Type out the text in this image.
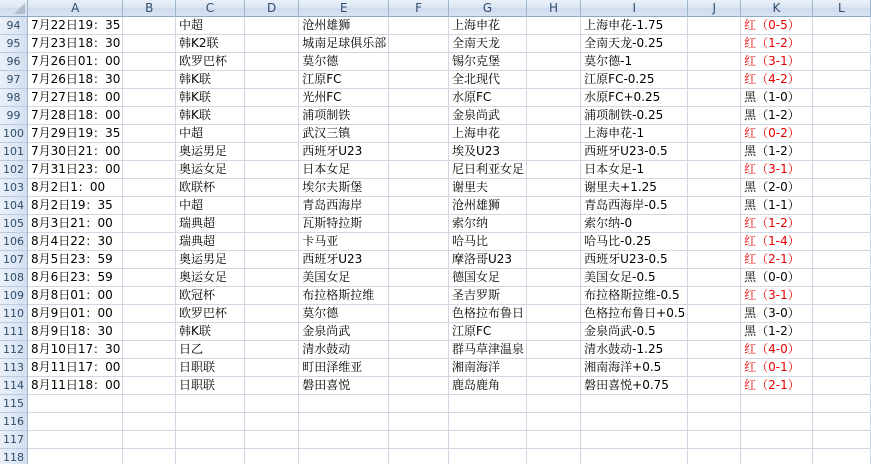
	A	B	C	D	E	F	G	H	I	J	K	L
94	7月22日19：35		中超		沧州雄狮		上海申花		上海申花-1.75		红（0-5）	
95	7月23日18：30		韩K2联		城南足球俱乐部		全南天龙		全南天龙-0.25		红（1-2）	
96	7月26日01：00		欧罗巴杯		莫尔德		锡尔克堡		莫尔德-1		红（3-1）	
97	7月26日18：30		韩K联		江原FC		全北现代		江原FC-0.25		红（4-2）	
98	7月27日18：00		韩K联		光州FC		水原FC		水原FC+0.25		黑（1-0）	
99	7月28日18：00		韩K联		浦项制铁		金泉尚武		浦项制铁-0.25		黑（1-2）	
100	7月29日19：35		中超		武汉三镇		上海申花		上海申花-1		红（0-2）	
101	7月30日21：00		奥运男足		西班牙U23		埃及U23		西班牙U23-0.5		黑（1-2）	
102	7月31日23：00		奥运女足		日本女足		尼日利亚女足		日本女足-1		红（3-1）	
103	8月2日1：00		欧联杯		埃尔夫斯堡		谢里夫		谢里夫+1.25		黑（2-0）	
104	8月2日19：35		中超		青岛西海岸		沧州雄狮		青岛西海岸-0.5		黑（1-1）	
105	8月3日21：00		瑞典超		瓦斯特拉斯		索尔纳		索尔纳-0		红（1-2）	
106	8月4日22：30		瑞典超		卡马亚		哈马比		哈马比-0.25		红（1-4）	
107	8月5日23：59		奥运男足		西班牙U23		摩洛哥U23		西班牙U23-0.5		红（2-1）	
108	8月6日23：59		奥运女足		美国女足		德国女足		美国女足-0.5		黑（0-0）	
109	8月8日01：00		欧冠杯		布拉格斯拉维		圣吉罗斯		布拉格斯拉维-0.5		红（3-1）	
110	8月9日01：00		欧罗巴杯		莫尔德		色格拉布鲁日		色格拉布鲁日+0.5		黑（3-0）	
111	8月9日18：30		韩K联		金泉尚武		江原FC		金泉尚武-0.5		黑（1-2）	
112	8月10日17：30		日乙		清水鼓动		群马草津温泉		清水鼓动-1.25		红（4-0）	
113	8月11日17：00		日职联		町田泽维亚		湘南海洋		湘南海洋+0.5		红（0-1）	
114	8月11日18：00		日职联		磐田喜悦		鹿岛鹿角		磐田喜悦+0.75		红（2-1）	
115												
116												
117												
118												
